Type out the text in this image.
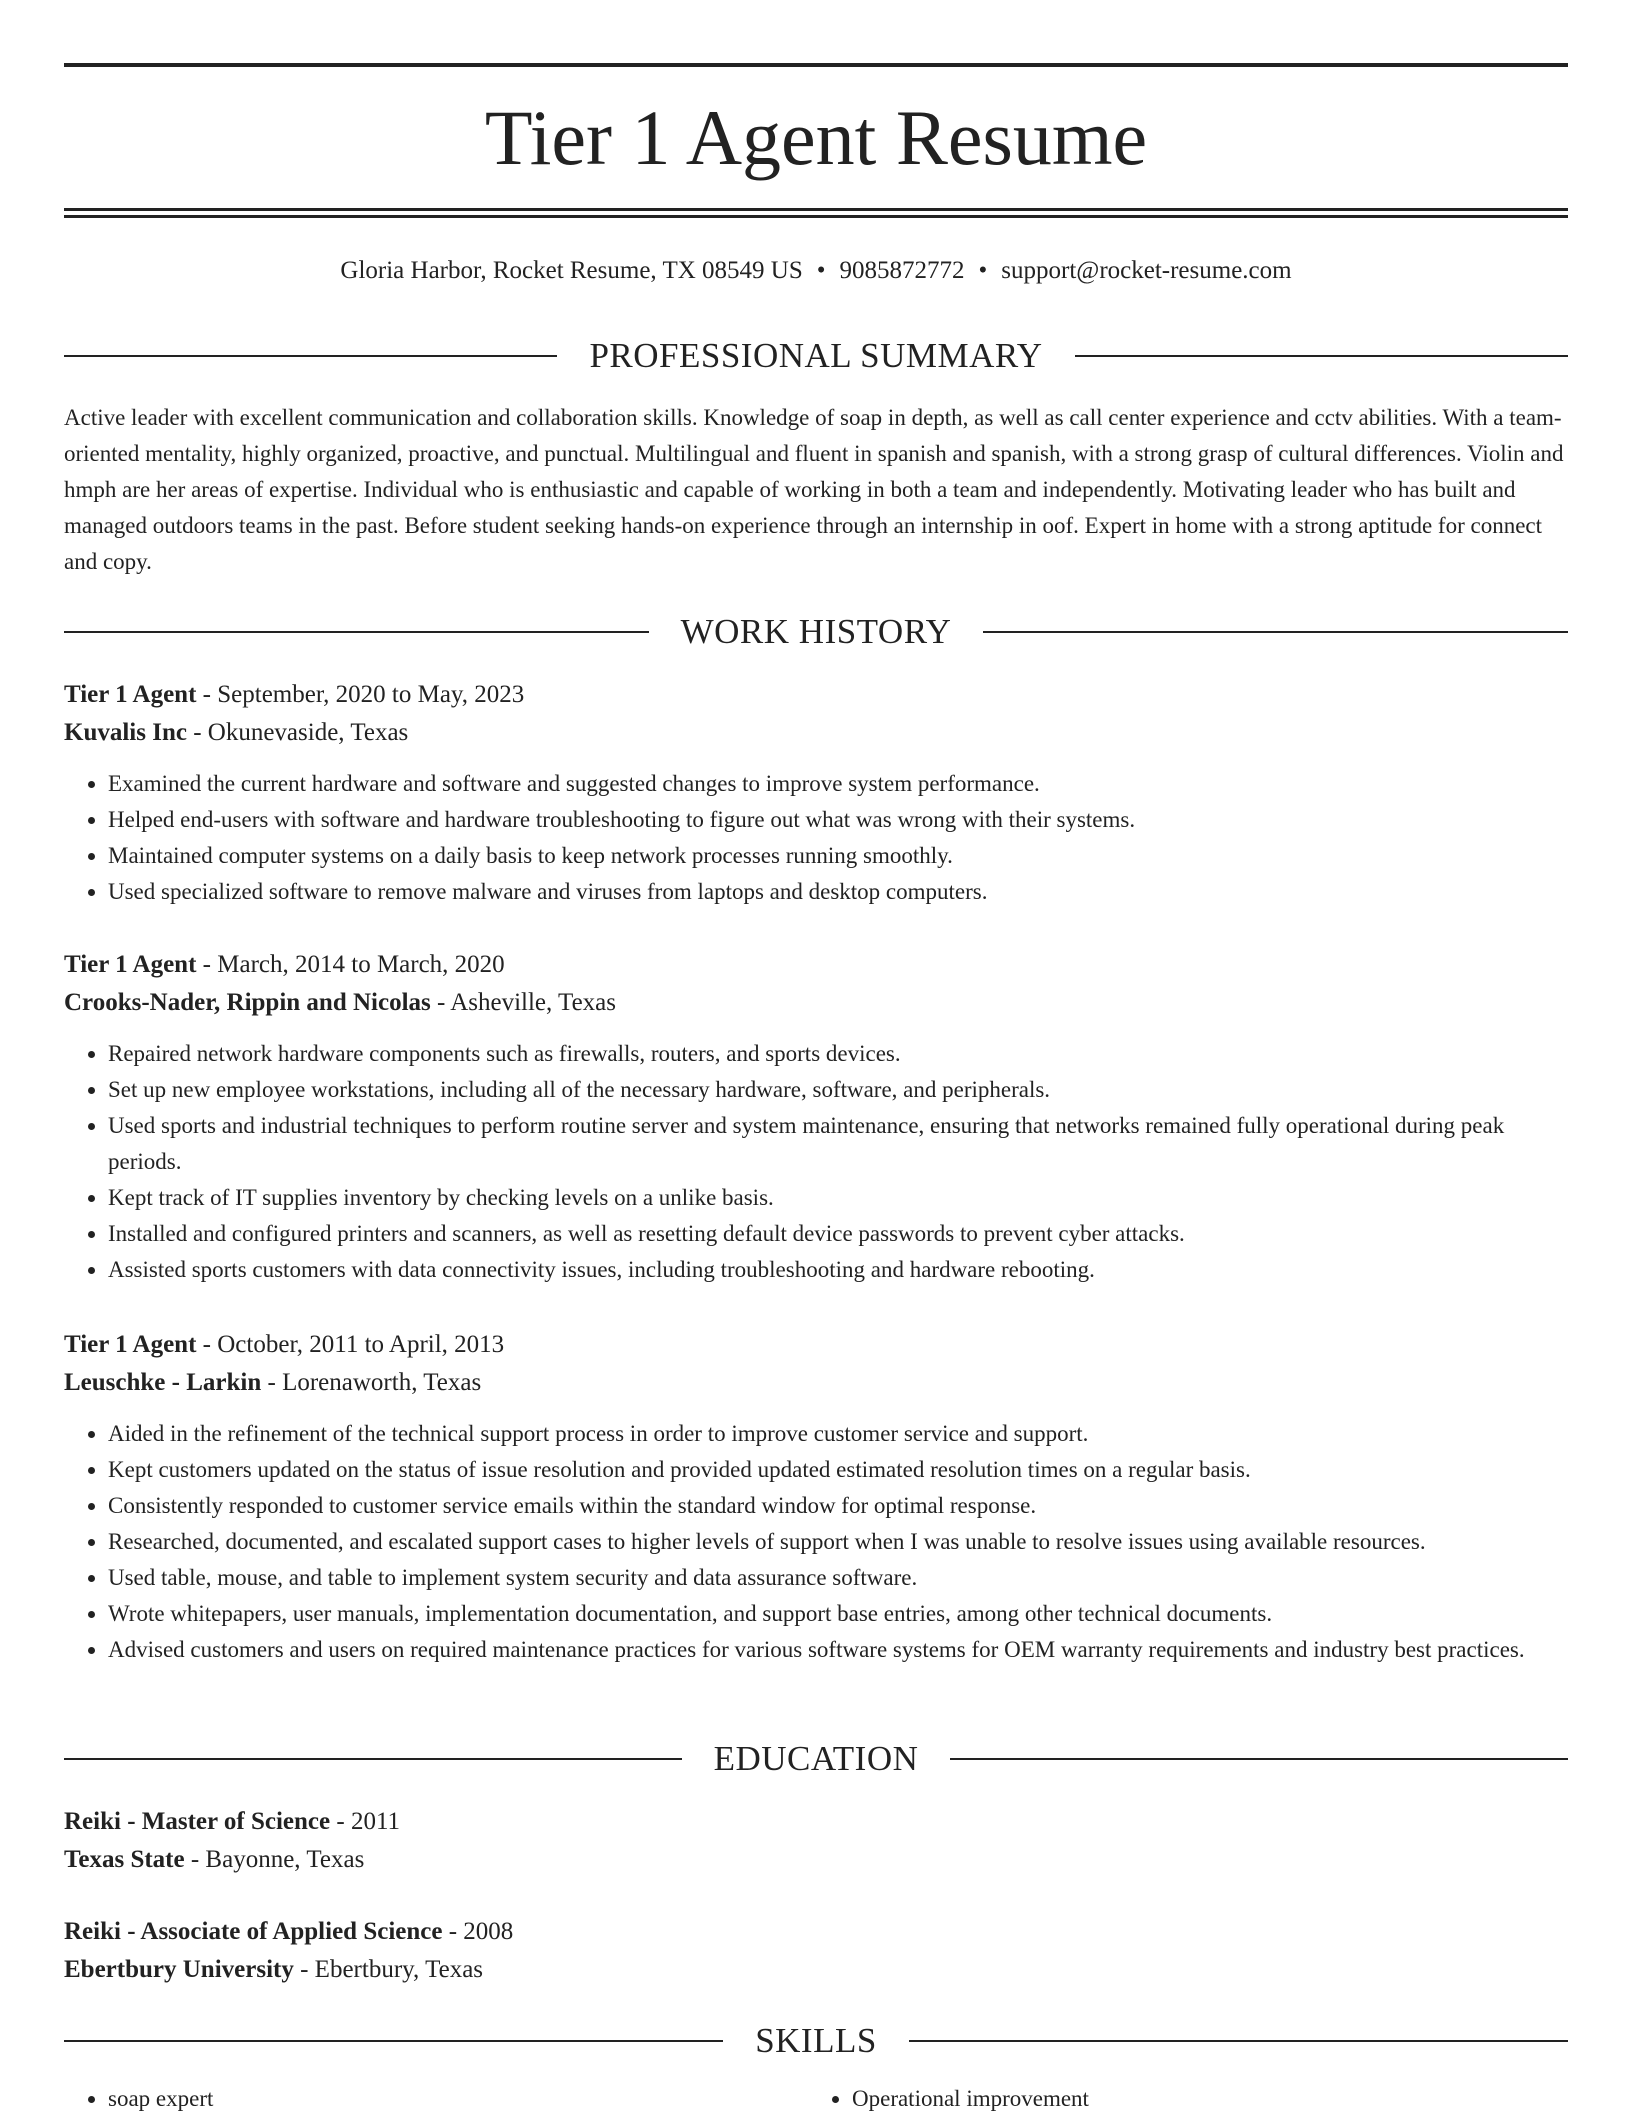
Tier 1 Agent Resume
Gloria Harbor, Rocket Resume, TX 08549 US • 9085872772 • support@rocket-resume.com
PROFESSIONAL SUMMARY

Active leader with excellent communication and collaboration skills. Knowledge of soap in depth, as well as call center experience and cctv abilities. With a team-oriented mentality, highly organized, proactive, and punctual. Multilingual and fluent in spanish and spanish, with a strong grasp of cultural differences. Violin and hmph are her areas of expertise. Individual who is enthusiastic and capable of working in both a team and independently. Motivating leader who has built and managed outdoors teams in the past. Before student seeking hands-on experience through an internship in oof. Expert in home with a strong aptitude for connect and copy.

WORK HISTORY
Tier 1 Agent - September, 2020 to May, 2023
Kuvalis Inc - Okunevaside, Texas
• Examined the current hardware and software and suggested changes to improve system performance.
• Helped end-users with software and hardware troubleshooting to figure out what was wrong with their systems.
• Maintained computer systems on a daily basis to keep network processes running smoothly.
• Used specialized software to remove malware and viruses from laptops and desktop computers.
Tier 1 Agent - March, 2014 to March, 2020
Crooks-Nader, Rippin and Nicolas - Asheville, Texas
• Repaired network hardware components such as firewalls, routers, and sports devices.
• Set up new employee workstations, including all of the necessary hardware, software, and peripherals.
• Used sports and industrial techniques to perform routine server and system maintenance, ensuring that networks remained fully operational during peak periods.
• Kept track of IT supplies inventory by checking levels on a unlike basis.
• Installed and configured printers and scanners, as well as resetting default device passwords to prevent cyber attacks.
• Assisted sports customers with data connectivity issues, including troubleshooting and hardware rebooting.
Tier 1 Agent - October, 2011 to April, 2013
Leuschke - Larkin - Lorenaworth, Texas
• Aided in the refinement of the technical support process in order to improve customer service and support.
• Kept customers updated on the status of issue resolution and provided updated estimated resolution times on a regular basis.
• Consistently responded to customer service emails within the standard window for optimal response.
• Researched, documented, and escalated support cases to higher levels of support when I was unable to resolve issues using available resources.
• Used table, mouse, and table to implement system security and data assurance software.
• Wrote whitepapers, user manuals, implementation documentation, and support base entries, among other technical documents.
• Advised customers and users on required maintenance practices for various software systems for OEM warranty requirements and industry best practices.
EDUCATION
Reiki - Master of Science - 2011
Texas State - Bayonne, Texas
Reiki - Associate of Applied Science - 2008
Ebertbury University - Ebertbury, Texas
SKILLS
• soap expert
•	Operational improvement
